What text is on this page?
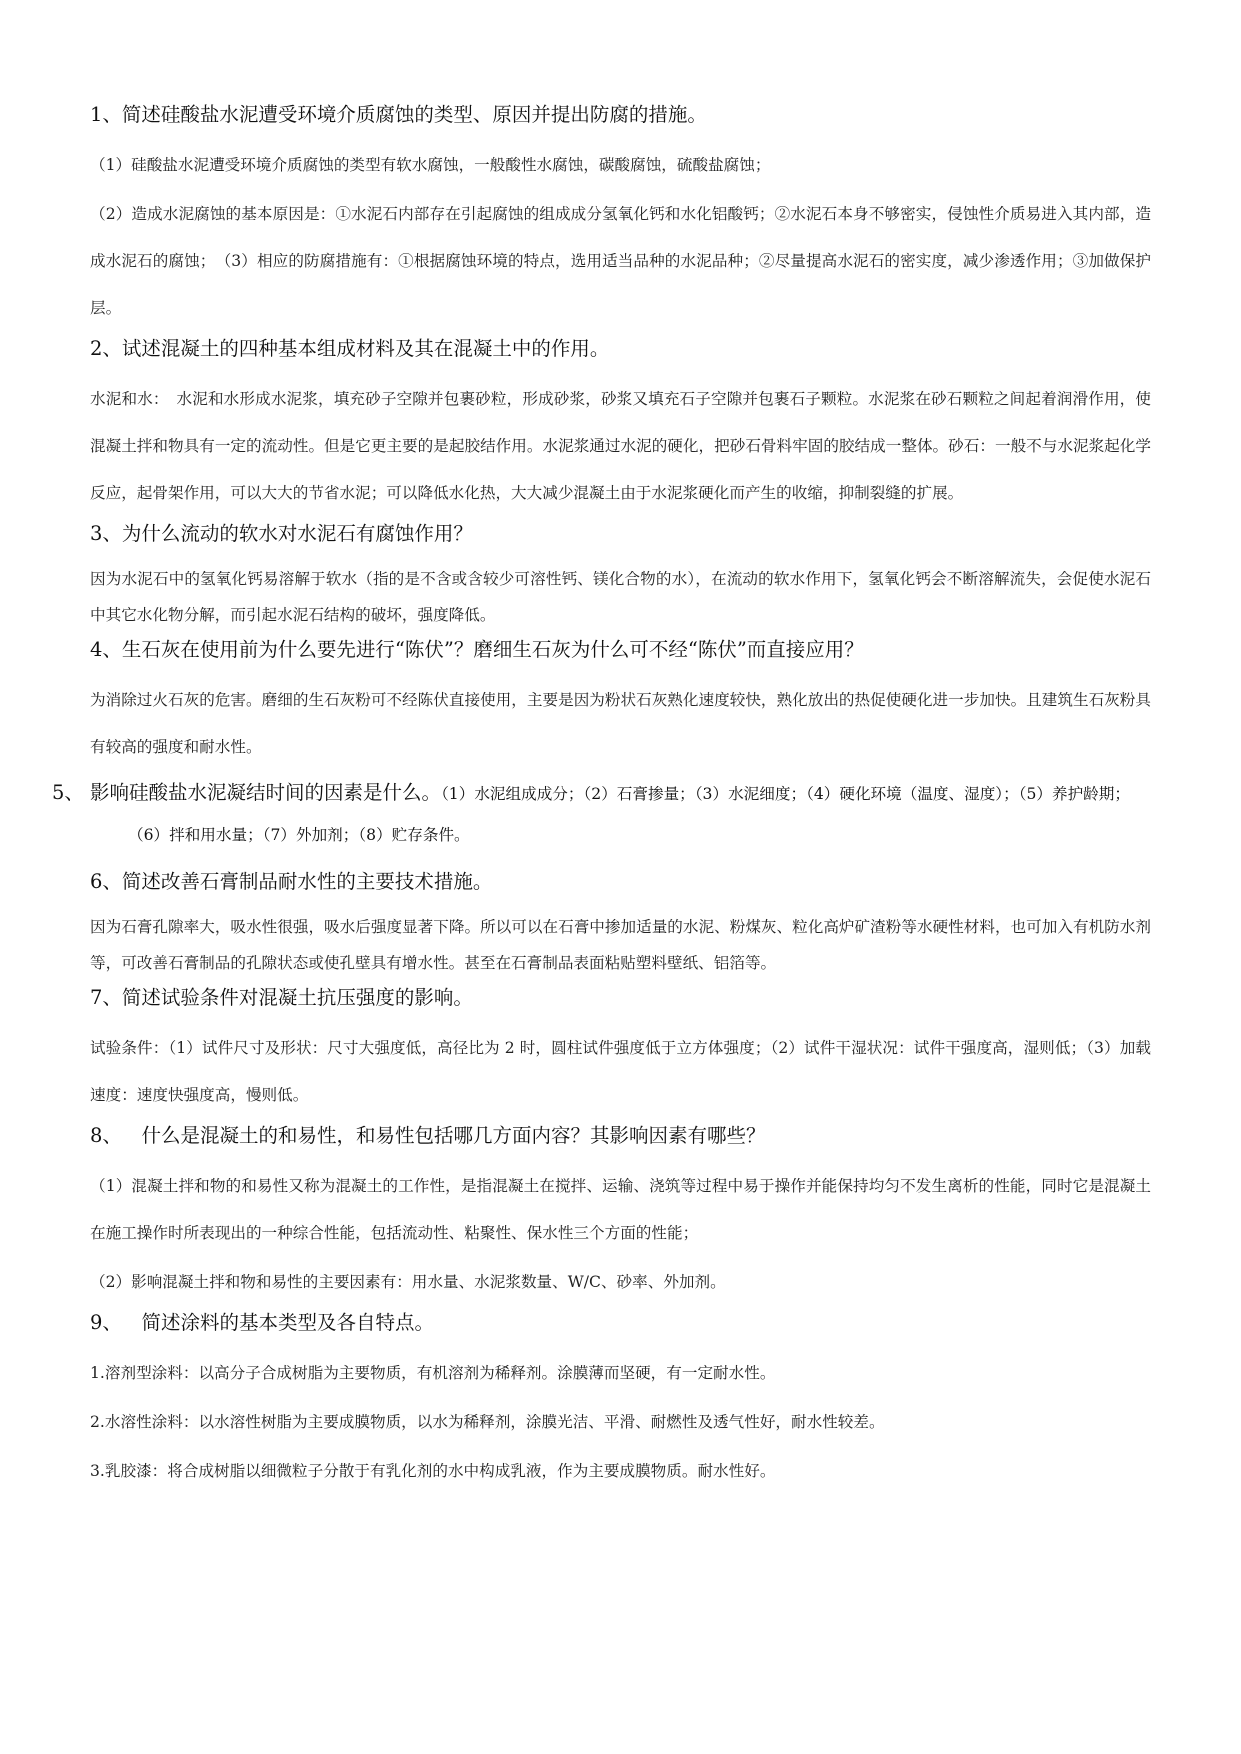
1、简述硅酸盐水泥遭受环境介质腐蚀的类型、原因并提出防腐的措施。

（1）硅酸盐水泥遭受环境介质腐蚀的类型有软水腐蚀，一般酸性水腐蚀，碳酸腐蚀，硫酸盐腐蚀；

（2）造成水泥腐蚀的基本原因是：①水泥石内部存在引起腐蚀的组成成分氢氧化钙和水化铝酸钙；②水泥石本身不够密实，侵蚀性介质易进入其内部，造成水泥石的腐蚀；　（3）相应的防腐措施有：①根据腐蚀环境的特点，选用适当品种的水泥品种；②尽量提高水泥石的密实度，减少渗透作用；③加做保护层。

2、试述混凝土的四种基本组成材料及其在混凝土中的作用。

水泥和水：　水泥和水形成水泥浆，填充砂子空隙并包裹砂粒，形成砂浆，砂浆又填充石子空隙并包裹石子颗粒。水泥浆在砂石颗粒之间起着润滑作用，使混凝土拌和物具有一定的流动性。但是它更主要的是起胶结作用。水泥浆通过水泥的硬化，把砂石骨料牢固的胶结成一整体。砂石：一般不与水泥浆起化学反应，起骨架作用，可以大大的节省水泥；可以降低水化热，大大减少混凝土由于水泥浆硬化而产生的收缩，抑制裂缝的扩展。

3、为什么流动的软水对水泥石有腐蚀作用？

因为水泥石中的氢氧化钙易溶解于软水（指的是不含或含较少可溶性钙、镁化合物的水），在流动的软水作用下，氢氧化钙会不断溶解流失，会促使水泥石中其它水化物分解，而引起水泥石结构的破坏，强度降低。

4、生石灰在使用前为什么要先进行“陈伏”？磨细生石灰为什么可不经“陈伏”而直接应用？

为消除过火石灰的危害。磨细的生石灰粉可不经陈伏直接使用，主要是因为粉状石灰熟化速度较快，熟化放出的热促使硬化进一步加快。且建筑生石灰粉具有较高的强度和耐水性。

5、 影响硅酸盐水泥凝结时间的因素是什么。（1）水泥组成成分；（2）石膏掺量；（3）水泥细度；（4）硬化环境（温度、湿度）；（5）养护龄期；（6）拌和用水量；（7）外加剂；（8）贮存条件。
6、简述改善石膏制品耐水性的主要技术措施。

因为石膏孔隙率大，吸水性很强，吸水后强度显著下降。所以可以在石膏中掺加适量的水泥、粉煤灰、粒化高炉矿渣粉等水硬性材料，也可加入有机防水剂等，可改善石膏制品的孔隙状态或使孔壁具有增水性。甚至在石膏制品表面粘贴塑料壁纸、铝箔等。

7、简述试验条件对混凝土抗压强度的影响。

试验条件：（1）试件尺寸及形状：尺寸大强度低，高径比为 2 时，圆柱试件强度低于立方体强度；（2）试件干湿状况：试件干强度高，湿则低；（3）加载速度：速度快强度高，慢则低。

8、　 什么是混凝土的和易性，和易性包括哪几方面内容？其影响因素有哪些？

（1）混凝土拌和物的和易性又称为混凝土的工作性，是指混凝土在搅拌、运输、浇筑等过程中易于操作并能保持均匀不发生离析的性能，同时它是混凝土在施工操作时所表现出的一种综合性能，包括流动性、粘聚性、保水性三个方面的性能；

（2）影响混凝土拌和物和易性的主要因素有：用水量、水泥浆数量、W/C、砂率、外加剂。

9、　 简述涂料的基本类型及各自特点。

1.溶剂型涂料：以高分子合成树脂为主要物质，有机溶剂为稀释剂。涂膜薄而坚硬，有一定耐水性。

2.水溶性涂料：以水溶性树脂为主要成膜物质，以水为稀释剂，涂膜光洁、平滑、耐燃性及透气性好，耐水性较差。

3.乳胶漆：将合成树脂以细微粒子分散于有乳化剂的水中构成乳液，作为主要成膜物质。耐水性好。
